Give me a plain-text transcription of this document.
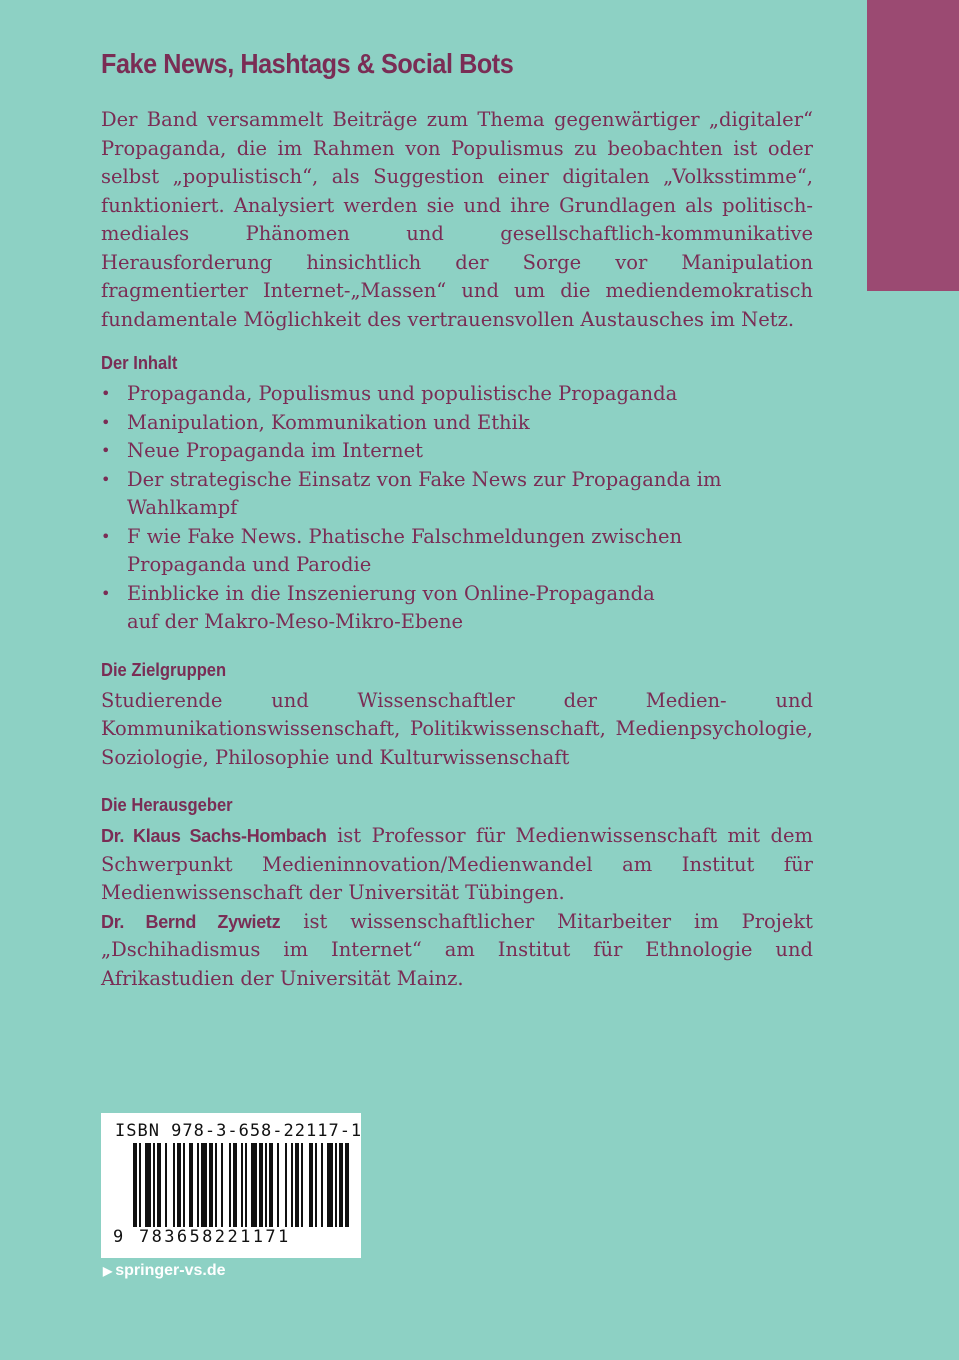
Fake News, Hashtags & Social Bots

Der Band versammelt Beiträge zum Thema gegenwärtiger „digitaler“ Propaganda, die im Rahmen von Populismus zu beobachten ist oder selbst „populistisch“, als Suggestion einer digitalen „Volksstimme“, funktioniert. Analysiert werden sie und ihre Grundlagen als politisch-mediales Phänomen und gesellschaftlich-kommunikative Herausforderung hinsichtlich der Sorge vor Manipulation fragmentierter Internet-„Massen“ und um die mediendemokratisch fundamentale Möglichkeit des vertrauensvollen Austausches im Netz.

Der Inhalt
• Propaganda, Populismus und populistische Propaganda
• Manipulation, Kommunikation und Ethik
• Neue Propaganda im Internet
• Der strategische Einsatz von Fake News zur Propaganda im Wahlkampf
• F wie Fake News. Phatische Falschmeldungen zwischen Propaganda und Parodie
• Einblicke in die Inszenierung von Online-Propaganda auf der Makro-Meso-Mikro-Ebene
Die Zielgruppen

Studierende und Wissenschaftler der Medien- und Kommunikationswissenschaft, Politikwissenschaft, Medienpsychologie, Soziologie, Philosophie und Kulturwissenschaft

Die Herausgeber

Dr. Klaus Sachs-Hombach ist Professor für Medienwissenschaft mit dem Schwerpunkt Medieninnovation/Medienwandel am Institut für Medienwissenschaft der Universität Tübingen.

Dr. Bernd Zywietz ist wissenschaftlicher Mitarbeiter im Projekt „Dschihadismus im Internet“ am Institut für Ethnologie und Afrikastudien der Universität Mainz.

ISBN 978-3-658-22117-1
9 783658221171
▶ springer-vs.de
